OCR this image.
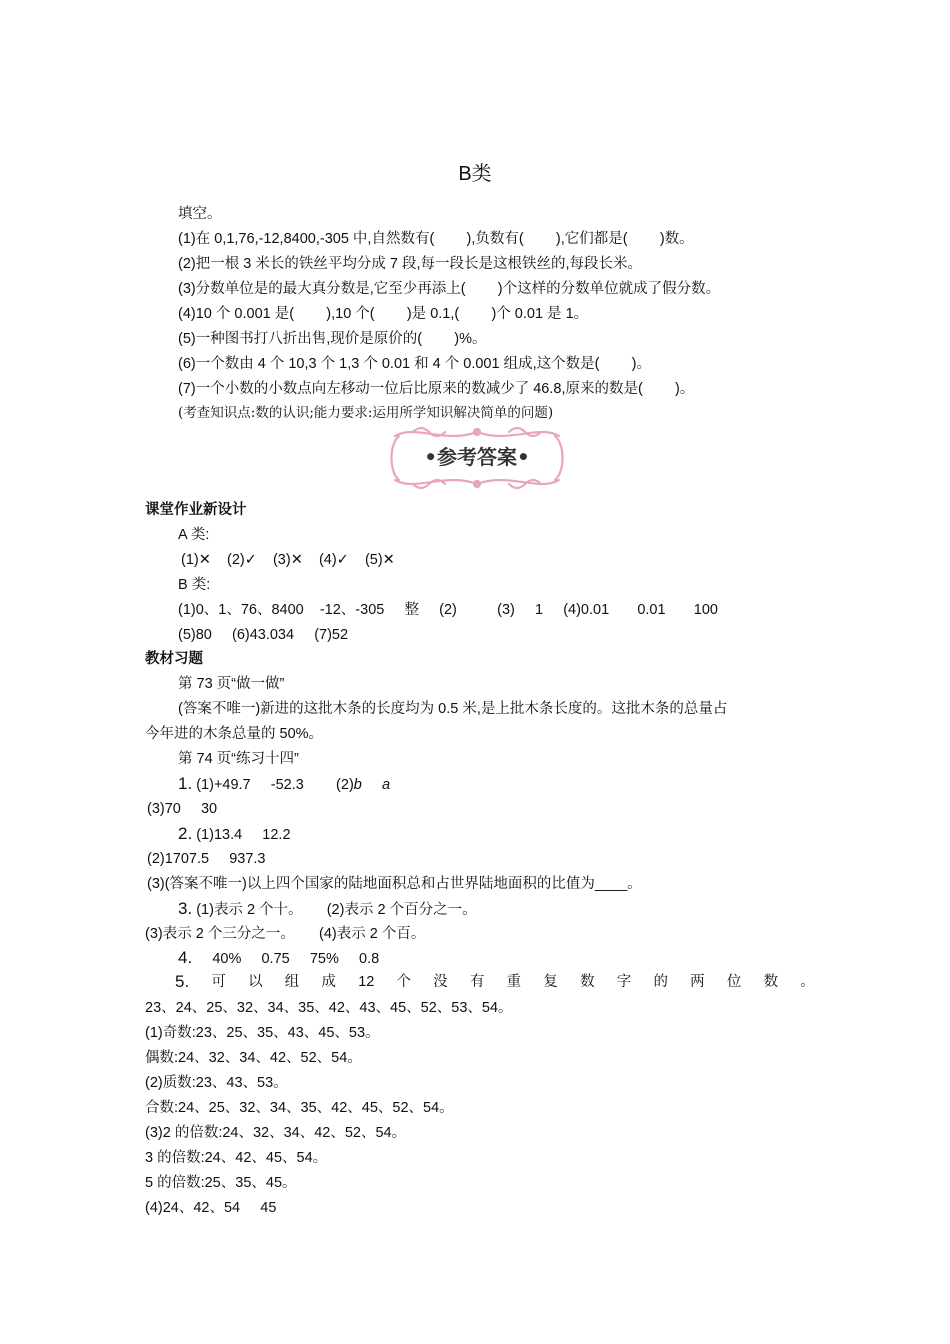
B类
填空。
(1)在 0,1,76,-12,8400,-305 中,自然数有(        ),负数有(        ),它们都是(        )数。
(2)把一根 3 米长的铁丝平均分成 7 段,每一段长是这根铁丝的,每段长米。
(3)分数单位是的最大真分数是,它至少再添上(        )个这样的分数单位就成了假分数。
(4)10 个 0.001 是(        ),10 个(        )是 0.1,(        )个 0.01 是 1。
(5)一种图书打八折出售,现价是原价的(        )%。
(6)一个数由 4 个 10,3 个 1,3 个 0.01 和 4 个 0.001 组成,这个数是(        )。
(7)一个小数的小数点向左移动一位后比原来的数减少了 46.8,原来的数是(        )。
(考查知识点:数的认识;能力要求:运用所学知识解决简单的问题)
•参考答案•
课堂作业新设计
A 类:
(1)✕    (2)✓    (3)✕    (4)✓    (5)✕
B 类:
(1)0、1、76、8400    -12、-305     整     (2)          (3)     1     (4)0.01       0.01       100
(5)80     (6)43.034     (7)52
教材习题
第 73 页“做一做”
(答案不唯一)新进的这批木条的长度均为 0.5 米,是上批木条长度的。这批木条的总量占
今年进的木条总量的 50%。
第 74 页“练习十四”
1. (1)+49.7     -52.3        (2)b a
(3)70     30
2. (1)13.4     12.2
(2)1707.5     937.3
(3)(答案不唯一)以上四个国家的陆地面积总和占世界陆地面积的比值为____。
3. (1)表示 2 个十。      (2)表示 2 个百分之一。
(3)表示 2 个三分之一。      (4)表示 2 个百。
4.     40%     0.75     75%     0.8
5. 可 以 组 成 12 个 没 有 重 复 数 字 的 两 位 数 。
23、24、25、32、34、35、42、43、45、52、53、54。
(1)奇数:23、25、35、43、45、53。
偶数:24、32、34、42、52、54。
(2)质数:23、43、53。
合数:24、25、32、34、35、42、45、52、54。
(3)2 的倍数:24、32、34、42、52、54。
3 的倍数:24、42、45、54。
5 的倍数:25、35、45。
(4)24、42、54     45
